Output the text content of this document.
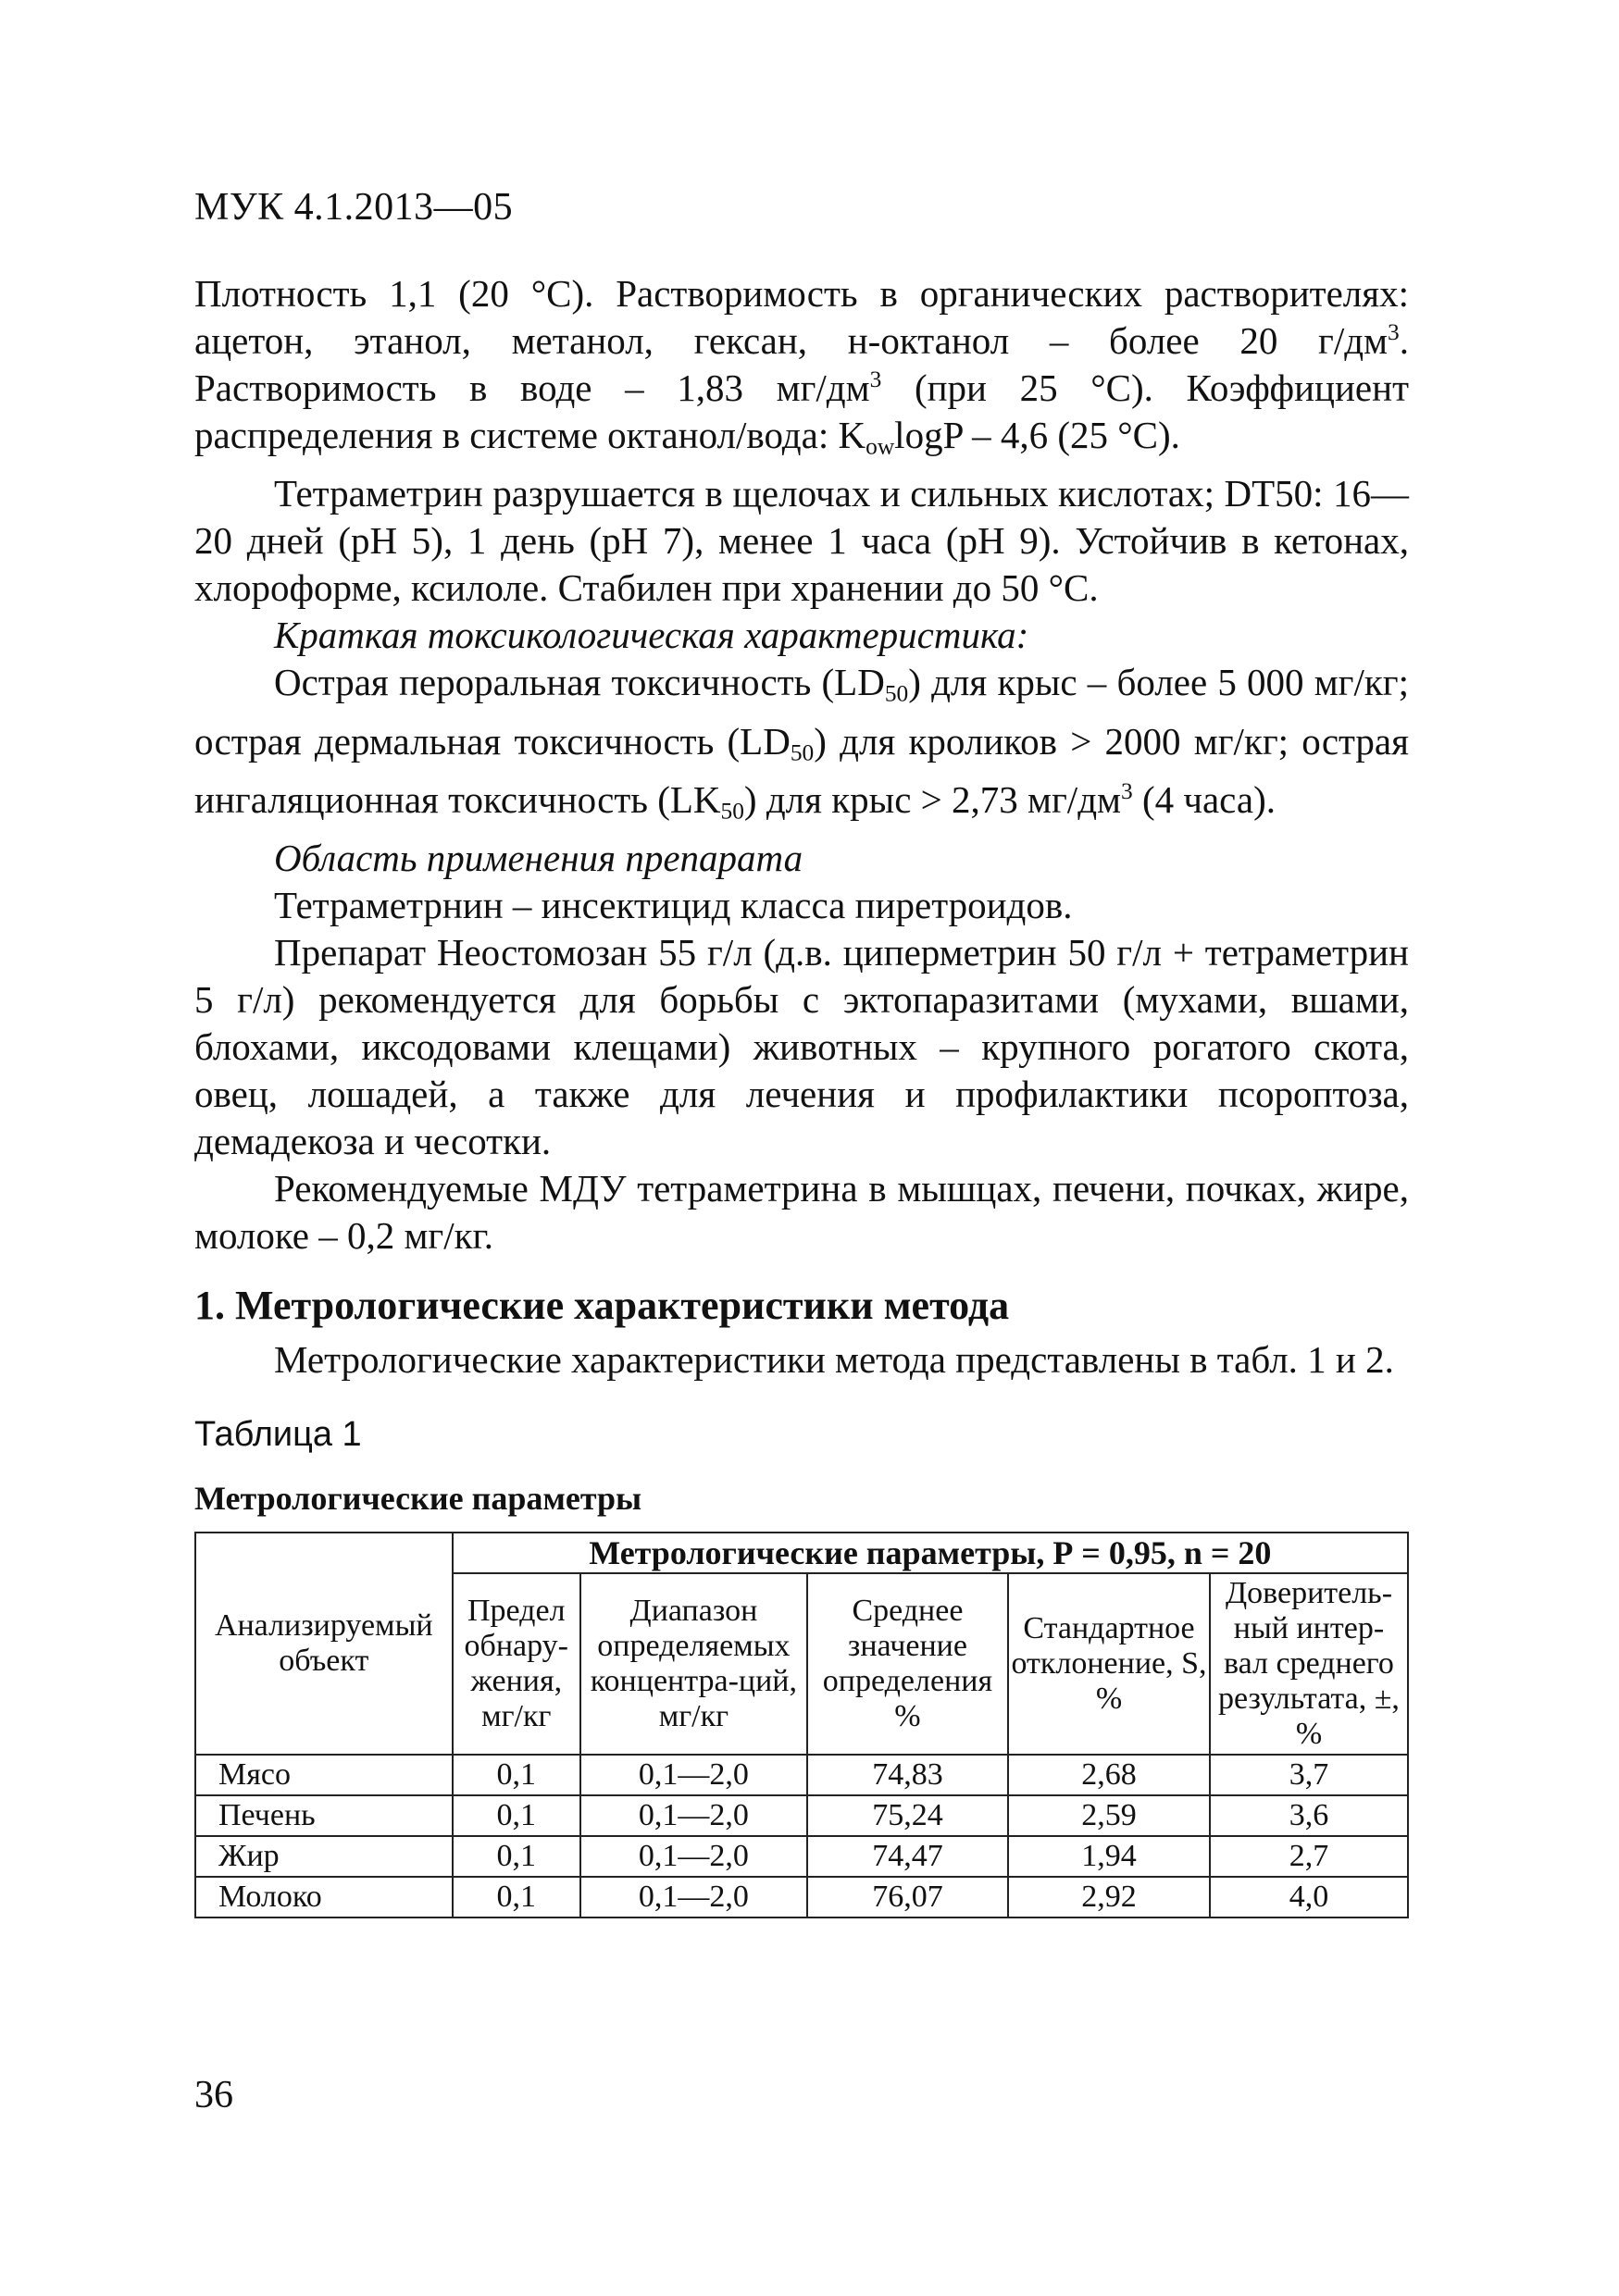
МУК 4.1.2013—05

Плотность 1,1 (20 °С). Растворимость в органических растворителях: ацетон, этанол, метанол, гексан, н-октанол – более 20 $г/дм^3$. Растворимость в воде – 1,83 $мг/дм^3$ (при 25 °С). Коэффициент распределения в системе октанол/вода: $K_{ow}\log P - 4,6$ (25 °С).

Тетраметрин разрушается в щелочах и сильных кислотах; DT50: 16—20 дней (pH 5), 1 день (pH 7), менее 1 часа (pH 9). Устойчив в кетонах, хлороформе, ксилоле. Стабилен при хранении до 50 °С.

Краткая токсикологическая характеристика:

Острая пероральная токсичность $(LD_{50})$ для крыс – более 5 000 мг/кг; острая дермальная токсичность $(LD_{50})$ для кроликов > 2000 мг/кг; острая ингаляционная токсичность $(LK_{50})$ для крыс > 2,73 $мг/дм^3$ (4 часа).

Область применения препарата

Тетраметрнин – инсектицид класса пиретроидов.

Препарат Неостомозан 55 г/л (д.в. циперметрин 50 г/л + тетраметрин 5 г/л) рекомендуется для борьбы с эктопаразитами (мухами, вшами, блохами, иксодовами клещами) животных – крупного рогатого скота, овец, лошадей, а также для лечения и профилактики псороптоза, демадекоза и чесотки.

Рекомендуемые МДУ тетраметрина в мышцах, печени, почках, жире, молоке – 0,2 мг/кг.

1. Метрологические характеристики метода

Метрологические характеристики метода представлены в табл. 1 и 2.

Таблица 1

Метрологические параметры

Анализируемый объект	Метрологические параметры, Р = 0,95, n = 20				
	Предел обнару-жения, мг/кг	Диапазон определяемых концентра-ций, мг/кг	Среднее значение определения %	Стандартное отклонение, S, %	Доверитель-ный интер-вал среднего результата, ±, %
Мясо	0,1	0,1—2,0	74,83	2,68	3,7
Печень	0,1	0,1—2,0	75,24	2,59	3,6
Жир	0,1	0,1—2,0	74,47	1,94	2,7
Молоко	0,1	0,1—2,0	76,07	2,92	4,0
36
